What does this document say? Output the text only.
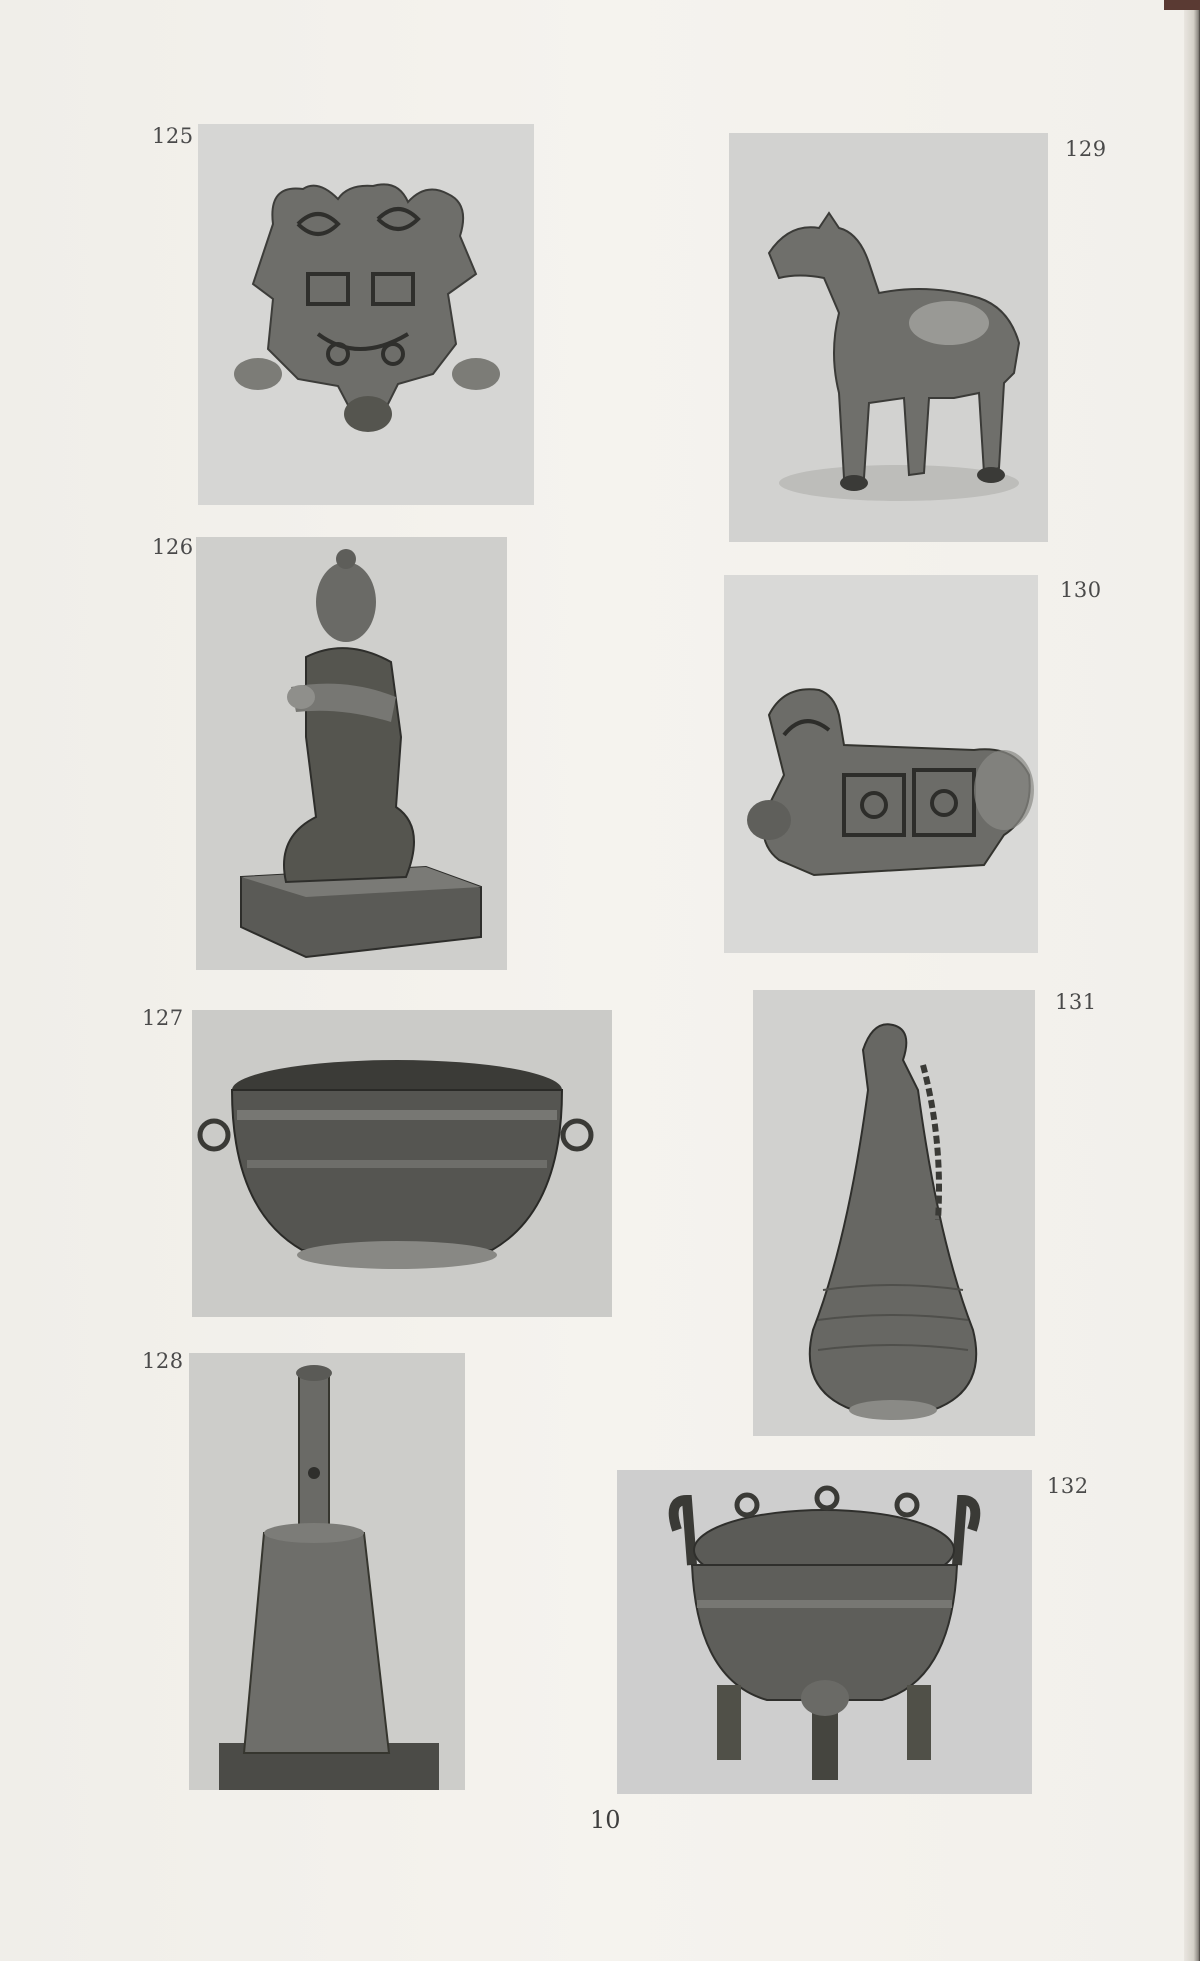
125
129
126
130
127
131
128
132
10
